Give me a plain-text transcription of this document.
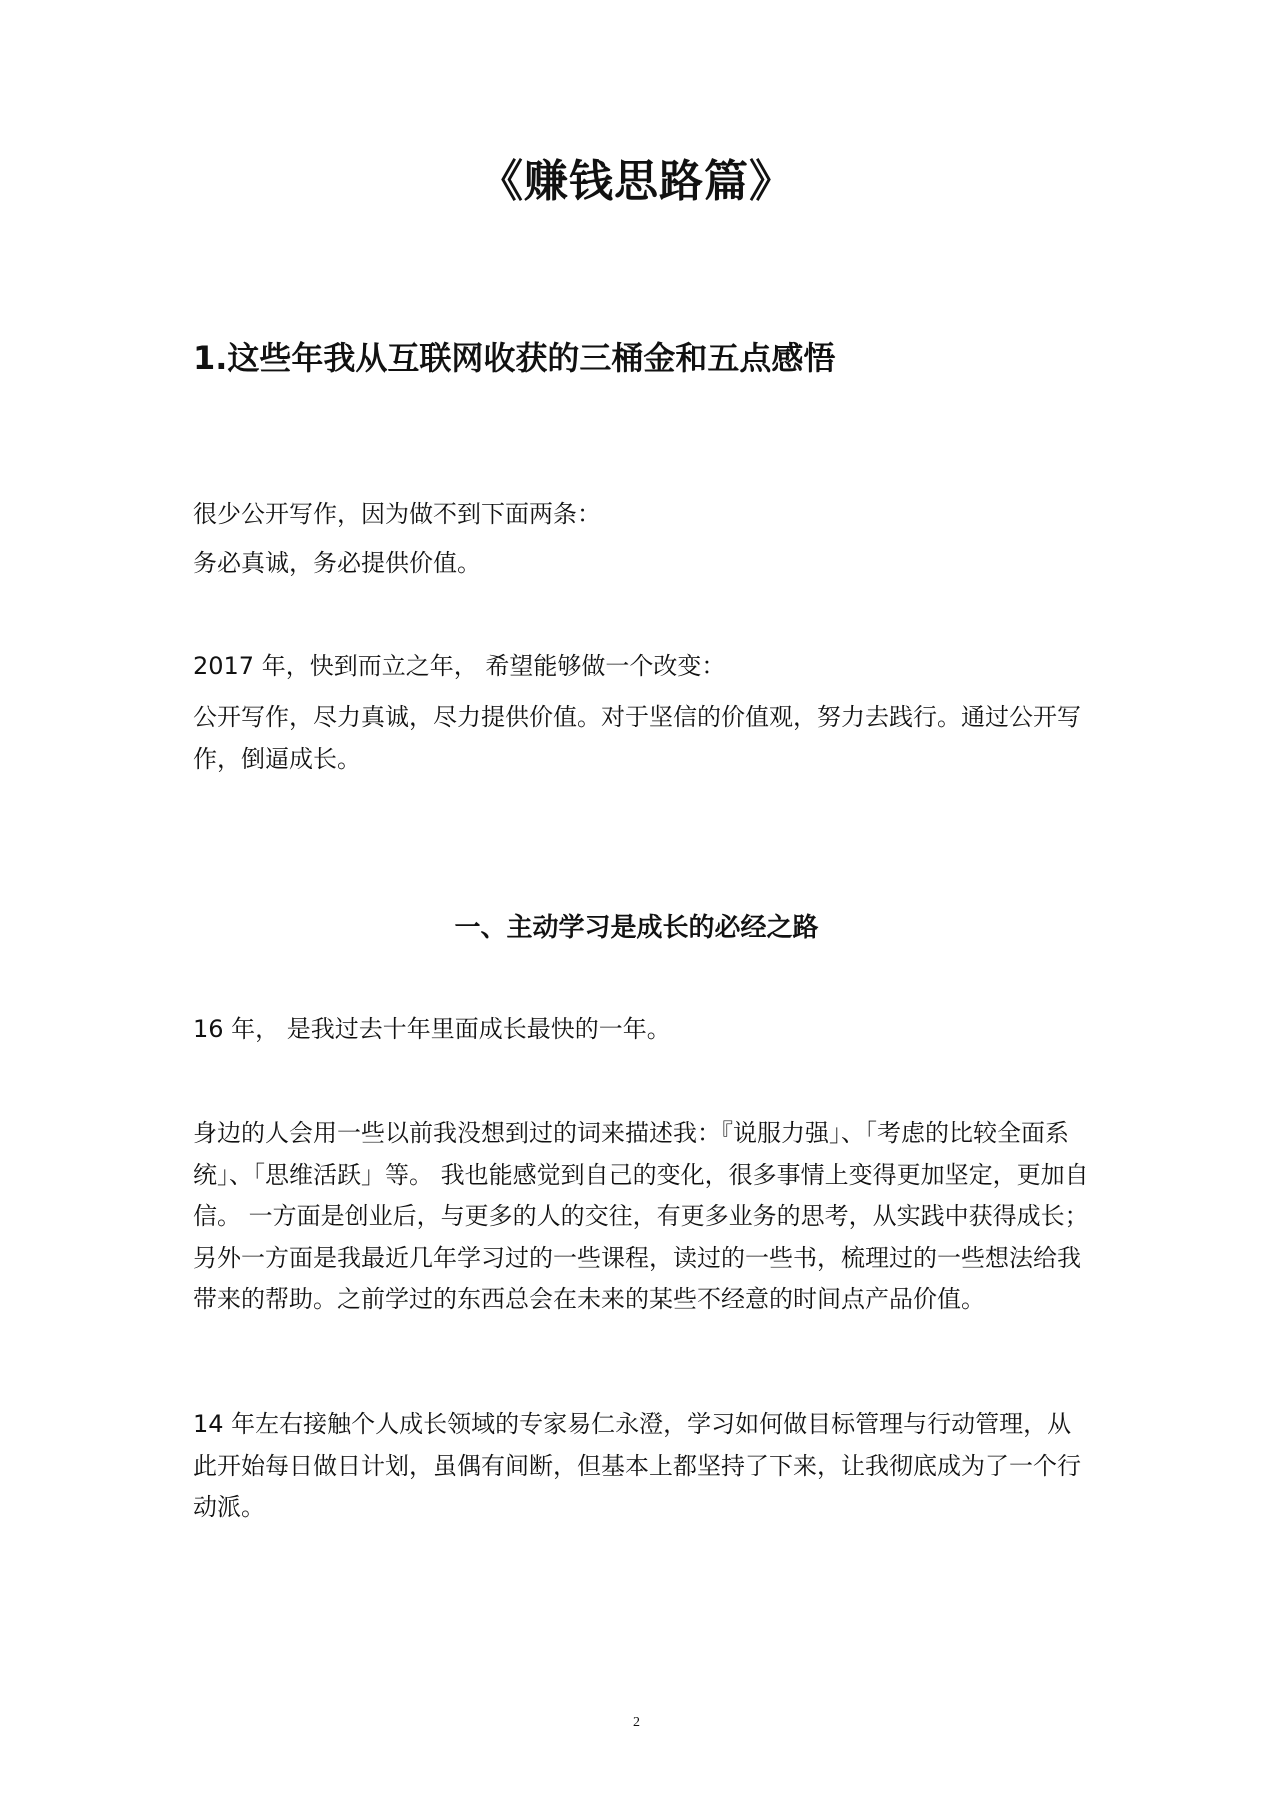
《赚钱思路篇》
1.这些年我从互联网收获的三桶金和五点感悟

很少公开写作，因为做不到下面两条：

务必真诚，务必提供价值。

2017 年，快到而立之年， 希望能够做一个改变：

公开写作，尽力真诚，尽力提供价值。对于坚信的价值观，努力去践行。通过公开写作，倒逼成长。

一、主动学习是成长的必经之路

16 年， 是我过去十年里面成长最快的一年。

身边的人会用一些以前我没想到过的词来描述我：『说服力强」、「考虑的比较全面系统」、「思维活跃」等。 我也能感觉到自己的变化，很多事情上变得更加坚定，更加自信。 一方面是创业后，与更多的人的交往，有更多业务的思考，从实践中获得成长； 另外一方面是我最近几年学习过的一些课程，读过的一些书，梳理过的一些想法给我带来的帮助。之前学过的东西总会在未来的某些不经意的时间点产品价值。

14 年左右接触个人成长领域的专家易仁永澄，学习如何做目标管理与行动管理，从此开始每日做日计划，虽偶有间断，但基本上都坚持了下来，让我彻底成为了一个行动派。

2
